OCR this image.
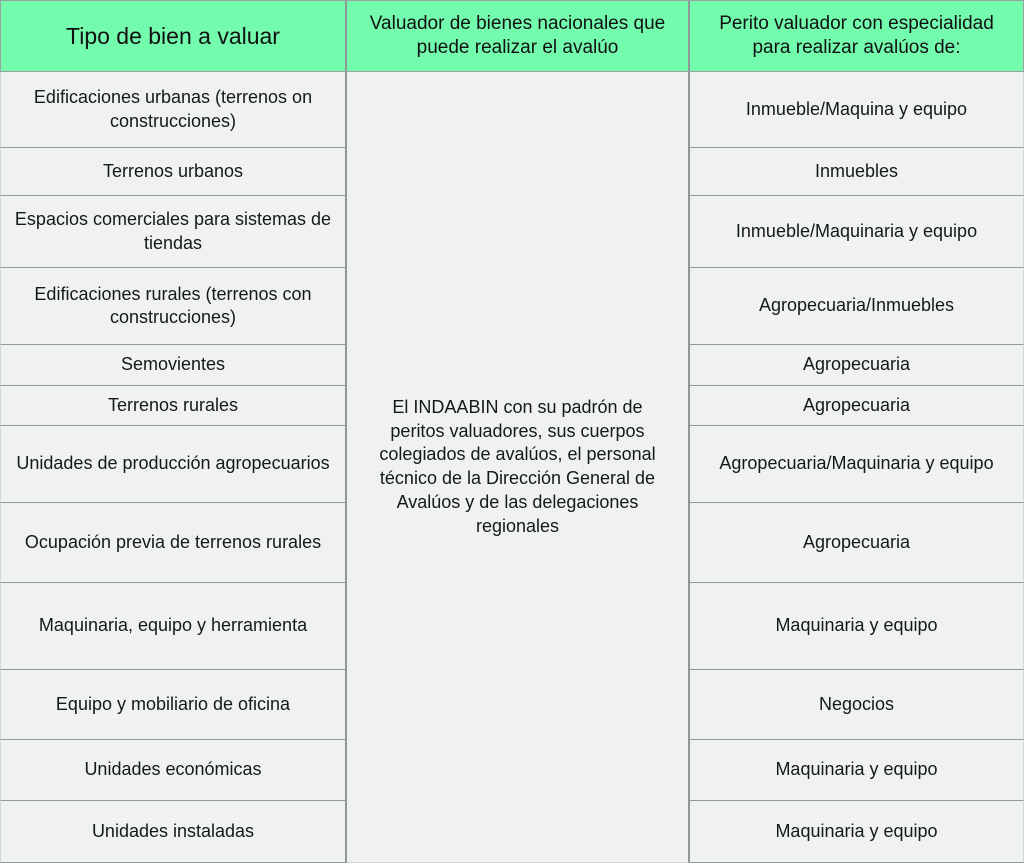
Tipo de bien a valuar	Valuador de bienes nacionales que puede realizar el avalúo	Perito valuador con especialidad para realizar avalúos de:
Edificaciones urbanas (terrenos on construcciones)	El INDAABIN con su padrón de peritos valuadores, sus cuerpos colegiados de avalúos, el personal técnico de la Dirección General de Avalúos y de las delegaciones regionales	Inmueble/Maquina y equipo
Terrenos urbanos		Inmuebles
Espacios comerciales para sistemas de tiendas		Inmueble/Maquinaria y equipo
Edificaciones rurales (terrenos con construcciones)		Agropecuaria/Inmuebles
Semovientes		Agropecuaria
Terrenos rurales		Agropecuaria
Unidades de producción agropecuarios		Agropecuaria/Maquinaria y equipo
Ocupación previa de terrenos rurales		Agropecuaria
Maquinaria, equipo y herramienta		Maquinaria y equipo
Equipo y mobiliario de oficina		Negocios
Unidades económicas		Maquinaria y equipo
Unidades instaladas		Maquinaria y equipo
